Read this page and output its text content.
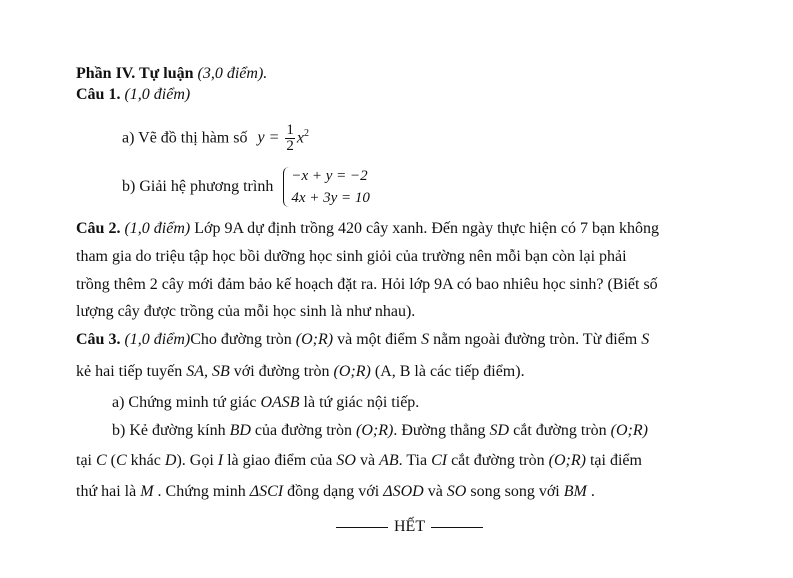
Phần IV. Tự luận (3,0 điểm).
Câu 1. (1,0 điểm)
a) Vẽ đồ thị hàm số $y = \frac{1}{2} x^2$
b) Giải hệ phương trình
−x + y = −2
4x + 3y = 10
Câu 2. (1,0 điểm) Lớp 9A dự định trồng 420 cây xanh. Đến ngày thực hiện có 7 bạn không
tham gia do triệu tập học bồi dưỡng học sinh giỏi của trường nên mỗi bạn còn lại phải
trồng thêm 2 cây mới đảm bảo kế hoạch đặt ra. Hỏi lớp 9A có bao nhiêu học sinh? (Biết số
lượng cây được trồng của mỗi học sinh là như nhau).
Câu 3. (1,0 điểm)Cho đường tròn (O;R) và một điểm S nằm ngoài đường tròn. Từ điểm S
kẻ hai tiếp tuyến SA, SB với đường tròn (O;R) (A, B là các tiếp điểm).
a) Chứng minh tứ giác OASB là tứ giác nội tiếp.
b) Kẻ đường kính BD của đường tròn (O;R). Đường thẳng SD cắt đường tròn (O;R)
tại C (C khác D). Gọi I là giao điểm của SO và AB. Tia CI cắt đường tròn (O;R) tại điểm
thứ hai là M . Chứng minh ΔSCI đồng dạng với ΔSOD và SO song song với BM .
HẾT
